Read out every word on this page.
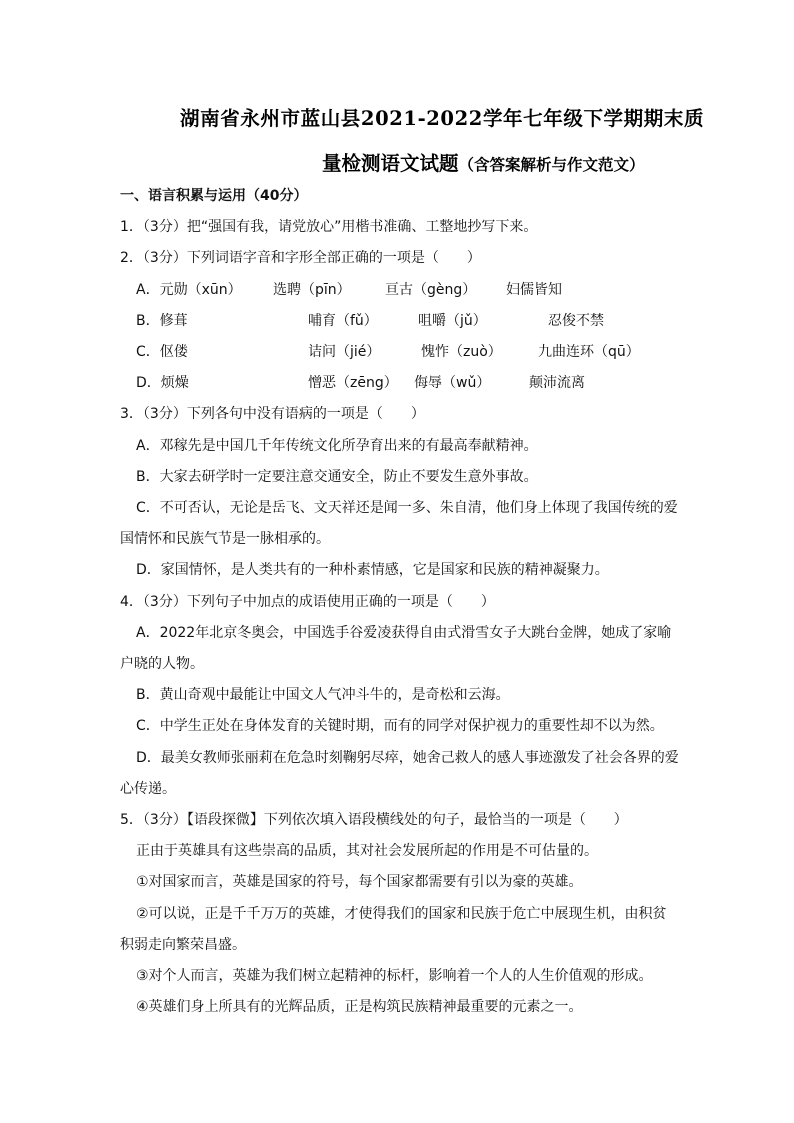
湖南省永州市蓝山县2021-2022学年七年级下学期期末质
量检测语文试题（含答案解析与作文范文）
一、语言积累与运用（40分）
1．（3分）把“强国有我，请党放心”用楷书准确、工整地抄写下来。
2．（3分）下列词语字音和字形全部正确的一项是（　　）
A．元勋（xūn） 选聘（pīn） 亘古（gèng） 妇儒皆知
B．修葺	哺育（fǔ）	咀嚼（jǔ）	忍俊不禁
C．伛偻	诘问（jié）	愧怍（zuò）	九曲连环（qū）
D．烦燥	憎恶（zēng） 侮辱（wǔ）	颠沛流离
3．（3分）下列各句中没有语病的一项是（　　）
A．邓稼先是中国几千年传统文化所孕育出来的有最高奉献精神。
B．大家去研学时一定要注意交通安全，防止不要发生意外事故。
C．不可否认，无论是岳飞、文天祥还是闻一多、朱自清，他们身上体现了我国传统的爱
国情怀和民族气节是一脉相承的。
D．家国情怀，是人类共有的一种朴素情感，它是国家和民族的精神凝聚力。
4．（3分）下列句子中加点的成语使用正确的一项是（　　）
A．2022年北京冬奥会，中国选手谷爱凌获得自由式滑雪女子大跳台金牌，她成了家喻
户晓的人物。
B．黄山奇观中最能让中国文人气冲斗牛的，是奇松和云海。
C．中学生正处在身体发育的关键时期，而有的同学对保护视力的重要性却不以为然。
D．最美女教师张丽莉在危急时刻鞠躬尽瘁，她舍己救人的感人事迹激发了社会各界的爱
心传递。
5．（3分）【语段探微】下列依次填入语段横线处的句子，最恰当的一项是（　　）
正由于英雄具有这些崇高的品质，其对社会发展所起的作用是不可估量的。
①对国家而言，英雄是国家的符号，每个国家都需要有引以为豪的英雄。
②可以说，正是千千万万的英雄，才使得我们的国家和民族于危亡中展现生机，由积贫
积弱走向繁荣昌盛。
③对个人而言，英雄为我们树立起精神的标杆，影响着一个人的人生价值观的形成。
④英雄们身上所具有的光辉品质，正是构筑民族精神最重要的元素之一。
